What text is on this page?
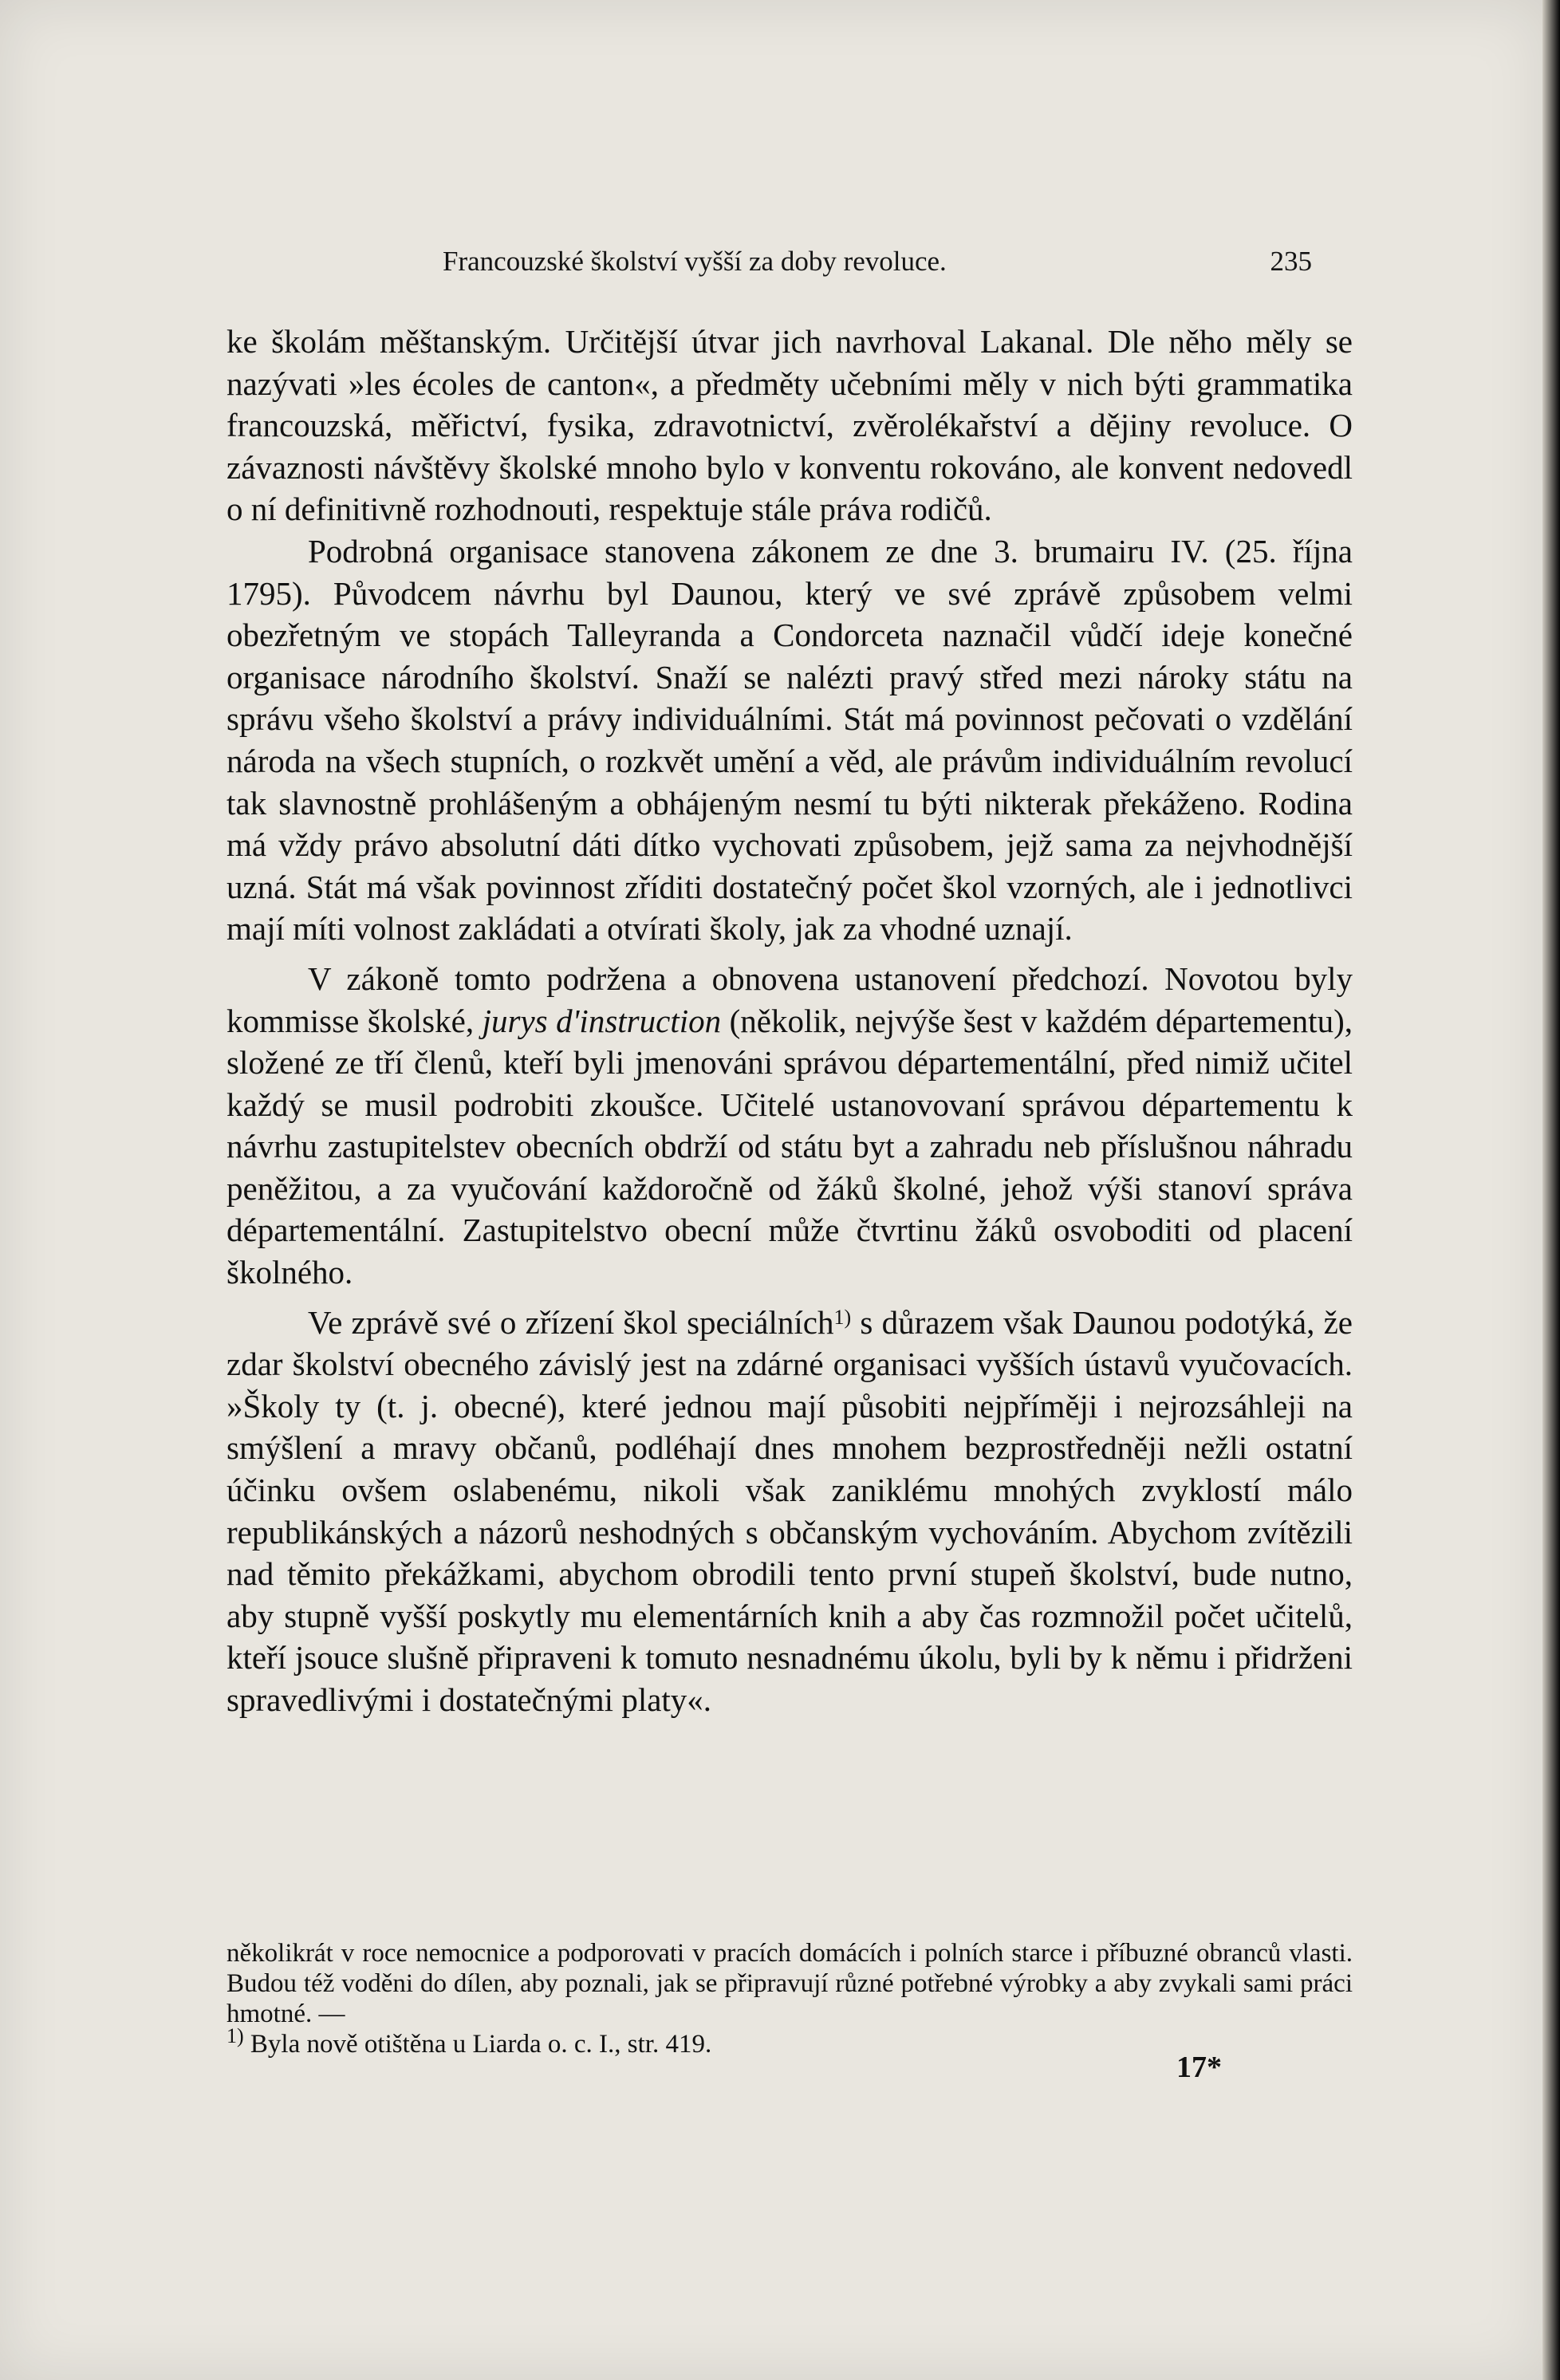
Francouzské školství vyšší za doby revoluce.	235

ke školám měštanským. Určitější útvar jich navrhoval Lakanal. Dle něho měly se nazývati »les écoles de canton«, a předměty učebními měly v nich býti grammatika francouzská, měřictví, fysika, zdravotnictví, zvěrolékařství a dějiny revoluce. O závaznosti návštěvy školské mnoho bylo v konventu rokováno, ale konvent nedovedl o ní definitivně rozhodnouti, respektuje stále práva rodičů.

Podrobná organisace stanovena zákonem ze dne 3. brumairu IV. (25. října 1795). Původcem návrhu byl Daunou, který ve své zprávě způsobem velmi obezřetným ve stopách Talleyranda a Condorceta naznačil vůdčí ideje konečné organisace národního školství. Snaží se nalézti pravý střed mezi nároky státu na správu všeho školství a právy individuálními. Stát má povinnost pečovati o vzdělání národa na všech stupních, o rozkvět umění a věd, ale právům individuálním revolucí tak slavnostně prohlášeným a obhájeným nesmí tu býti nikterak překáženo. Rodina má vždy právo absolutní dáti dítko vychovati způsobem, jejž sama za nejvhodnější uzná. Stát má však povinnost zříditi dostatečný počet škol vzorných, ale i jednotlivci mají míti volnost zakládati a otvírati školy, jak za vhodné uznají.

V zákoně tomto podržena a obnovena ustanovení předchozí. Novotou byly kommisse školské, jurys d'instruction (několik, nejvýše šest v každém départementu), složené ze tří členů, kteří byli jmenováni správou départementální, před nimiž učitel každý se musil podrobiti zkoušce. Učitelé ustanovovaní správou départementu k návrhu zastupitelstev obecních obdrží od státu byt a zahradu neb příslušnou náhradu peněžitou, a za vyučování každoročně od žáků školné, jehož výši stanoví správa départementální. Zastupitelstvo obecní může čtvrtinu žáků osvoboditi od placení školného.

Ve zprávě své o zřízení škol speciálních$^{1)}$ s důrazem však Daunou podotýká, že zdar školství obecného závislý jest na zdárné organisaci vyšších ústavů vyučovacích. »Školy ty (t. j. obecné), které jednou mají působiti nejpříměji i nejrozsáhleji na smýšlení a mravy občanů, podléhají dnes mnohem bezprostředněji nežli ostatní účinku ovšem oslabenému, nikoli však zaniklému mnohých zvyklostí málo republikánských a názorů neshodných s občanským vychováním. Abychom zvítězili nad těmito překážkami, abychom obrodili tento první stupeň školství, bude nutno, aby stupně vyšší poskytly mu elementárních knih a aby čas rozmnožil počet učitelů, kteří jsouce slušně připraveni k tomuto nesnadnému úkolu, byli by k němu i přidrženi spravedlivými i dostatečnými platy«.

několikrát v roce nemocnice a podporovati v pracích domácích i polních starce i příbuzné obranců vlasti. Budou též voděni do dílen, aby poznali, jak se připravují různé potřebné výrobky a aby zvykali sami práci hmotné. —

$^{1)}$ Byla nově otištěna u Liarda o. c. I., str. 419.

17*
